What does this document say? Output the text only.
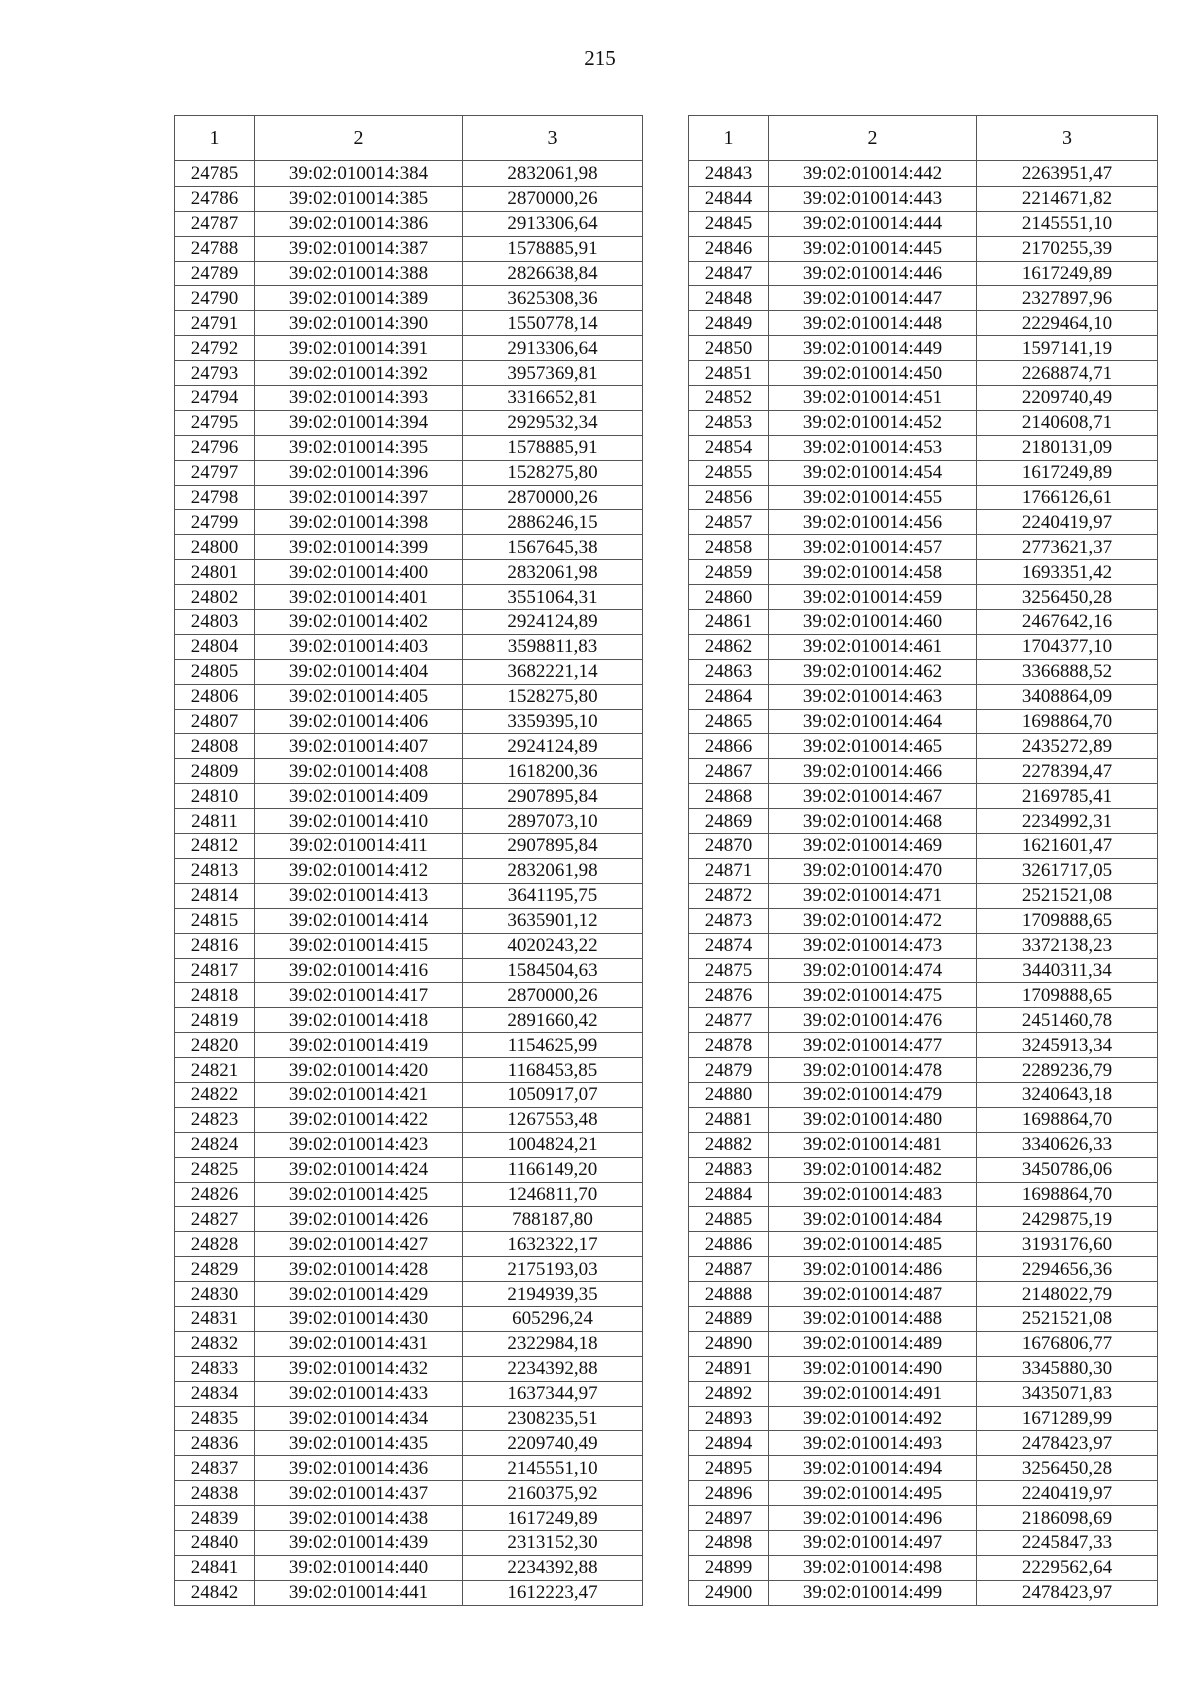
215
1	2	3
24785	39:02:010014:384	2832061,98
24786	39:02:010014:385	2870000,26
24787	39:02:010014:386	2913306,64
24788	39:02:010014:387	1578885,91
24789	39:02:010014:388	2826638,84
24790	39:02:010014:389	3625308,36
24791	39:02:010014:390	1550778,14
24792	39:02:010014:391	2913306,64
24793	39:02:010014:392	3957369,81
24794	39:02:010014:393	3316652,81
24795	39:02:010014:394	2929532,34
24796	39:02:010014:395	1578885,91
24797	39:02:010014:396	1528275,80
24798	39:02:010014:397	2870000,26
24799	39:02:010014:398	2886246,15
24800	39:02:010014:399	1567645,38
24801	39:02:010014:400	2832061,98
24802	39:02:010014:401	3551064,31
24803	39:02:010014:402	2924124,89
24804	39:02:010014:403	3598811,83
24805	39:02:010014:404	3682221,14
24806	39:02:010014:405	1528275,80
24807	39:02:010014:406	3359395,10
24808	39:02:010014:407	2924124,89
24809	39:02:010014:408	1618200,36
24810	39:02:010014:409	2907895,84
24811	39:02:010014:410	2897073,10
24812	39:02:010014:411	2907895,84
24813	39:02:010014:412	2832061,98
24814	39:02:010014:413	3641195,75
24815	39:02:010014:414	3635901,12
24816	39:02:010014:415	4020243,22
24817	39:02:010014:416	1584504,63
24818	39:02:010014:417	2870000,26
24819	39:02:010014:418	2891660,42
24820	39:02:010014:419	1154625,99
24821	39:02:010014:420	1168453,85
24822	39:02:010014:421	1050917,07
24823	39:02:010014:422	1267553,48
24824	39:02:010014:423	1004824,21
24825	39:02:010014:424	1166149,20
24826	39:02:010014:425	1246811,70
24827	39:02:010014:426	788187,80
24828	39:02:010014:427	1632322,17
24829	39:02:010014:428	2175193,03
24830	39:02:010014:429	2194939,35
24831	39:02:010014:430	605296,24
24832	39:02:010014:431	2322984,18
24833	39:02:010014:432	2234392,88
24834	39:02:010014:433	1637344,97
24835	39:02:010014:434	2308235,51
24836	39:02:010014:435	2209740,49
24837	39:02:010014:436	2145551,10
24838	39:02:010014:437	2160375,92
24839	39:02:010014:438	1617249,89
24840	39:02:010014:439	2313152,30
24841	39:02:010014:440	2234392,88
24842	39:02:010014:441	1612223,47
1	2	3
24843	39:02:010014:442	2263951,47
24844	39:02:010014:443	2214671,82
24845	39:02:010014:444	2145551,10
24846	39:02:010014:445	2170255,39
24847	39:02:010014:446	1617249,89
24848	39:02:010014:447	2327897,96
24849	39:02:010014:448	2229464,10
24850	39:02:010014:449	1597141,19
24851	39:02:010014:450	2268874,71
24852	39:02:010014:451	2209740,49
24853	39:02:010014:452	2140608,71
24854	39:02:010014:453	2180131,09
24855	39:02:010014:454	1617249,89
24856	39:02:010014:455	1766126,61
24857	39:02:010014:456	2240419,97
24858	39:02:010014:457	2773621,37
24859	39:02:010014:458	1693351,42
24860	39:02:010014:459	3256450,28
24861	39:02:010014:460	2467642,16
24862	39:02:010014:461	1704377,10
24863	39:02:010014:462	3366888,52
24864	39:02:010014:463	3408864,09
24865	39:02:010014:464	1698864,70
24866	39:02:010014:465	2435272,89
24867	39:02:010014:466	2278394,47
24868	39:02:010014:467	2169785,41
24869	39:02:010014:468	2234992,31
24870	39:02:010014:469	1621601,47
24871	39:02:010014:470	3261717,05
24872	39:02:010014:471	2521521,08
24873	39:02:010014:472	1709888,65
24874	39:02:010014:473	3372138,23
24875	39:02:010014:474	3440311,34
24876	39:02:010014:475	1709888,65
24877	39:02:010014:476	2451460,78
24878	39:02:010014:477	3245913,34
24879	39:02:010014:478	2289236,79
24880	39:02:010014:479	3240643,18
24881	39:02:010014:480	1698864,70
24882	39:02:010014:481	3340626,33
24883	39:02:010014:482	3450786,06
24884	39:02:010014:483	1698864,70
24885	39:02:010014:484	2429875,19
24886	39:02:010014:485	3193176,60
24887	39:02:010014:486	2294656,36
24888	39:02:010014:487	2148022,79
24889	39:02:010014:488	2521521,08
24890	39:02:010014:489	1676806,77
24891	39:02:010014:490	3345880,30
24892	39:02:010014:491	3435071,83
24893	39:02:010014:492	1671289,99
24894	39:02:010014:493	2478423,97
24895	39:02:010014:494	3256450,28
24896	39:02:010014:495	2240419,97
24897	39:02:010014:496	2186098,69
24898	39:02:010014:497	2245847,33
24899	39:02:010014:498	2229562,64
24900	39:02:010014:499	2478423,97
